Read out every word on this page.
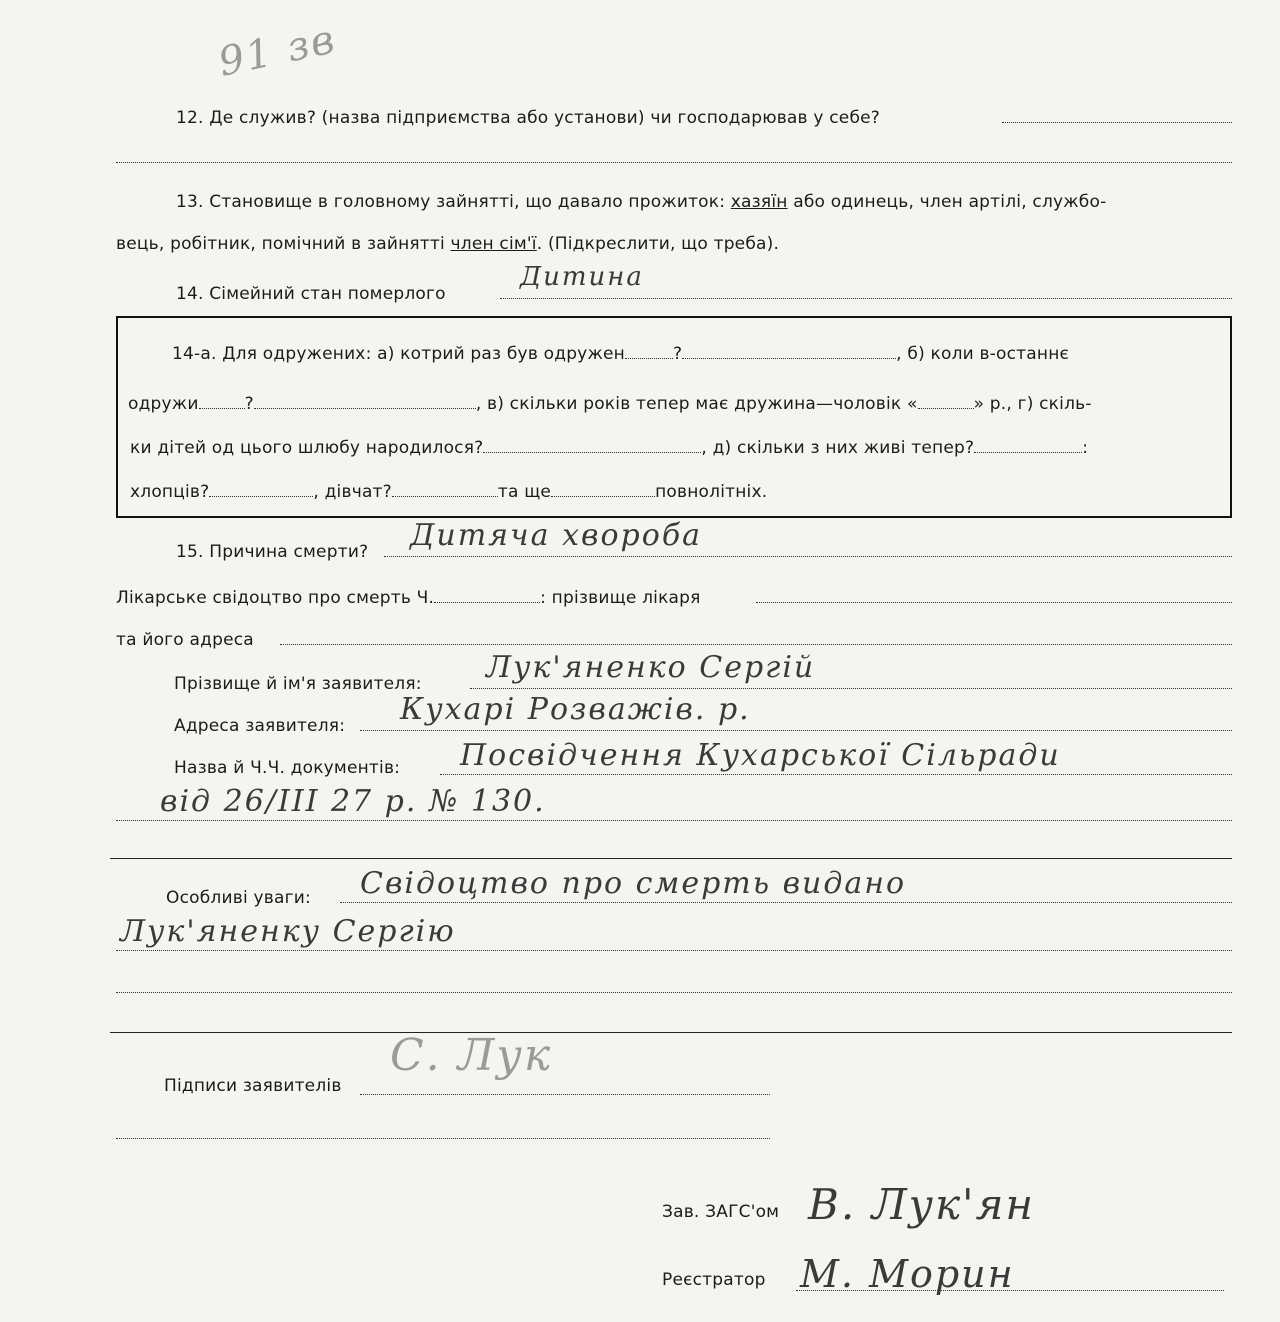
91 зв
12. Де служив? (назва підприємства або установи) чи господарював у себе?
13. Становище в головному зайнятті, що давало прожиток: хазяїн або одинець, член артілі, службо-
вець, робітник, помічний в зайнятті член сім'ї. (Підкреслити, що треба).
14. Сімейний стан померлого
Дитина
14-а. Для одружених: а) котрий раз був одружен	?	, б) коли в-останнє
одружи	?	, в) скільки років тепер має дружина—чоловік «	» р., г) скіль-
ки дітей од цього шлюбу народилося?	, д) скільки з них живі тепер?	:
хлопців?	, дівчат?	та ще	повнолітніх.
15. Причина смерти? Дитяча хвороба
Лікарське свідоцтво про смерть Ч.	: прізвище лікаря
та його адреса
Прізвище й ім'я заявителя: Лук'яненко Сергій
Адреса заявителя: Кухарі Розважів. р.
Назва й Ч.Ч. документів: Посвідчення Кухарської Сільради
від 26/III 27 р. № 130.
Особливі уваги: Свідоцтво про смерть видано
Лук'яненку Сергію
Підписи заявителів
С. Лук
Зав. ЗАГС'ом В. Лук'ян
Реєстратор М. Морин
